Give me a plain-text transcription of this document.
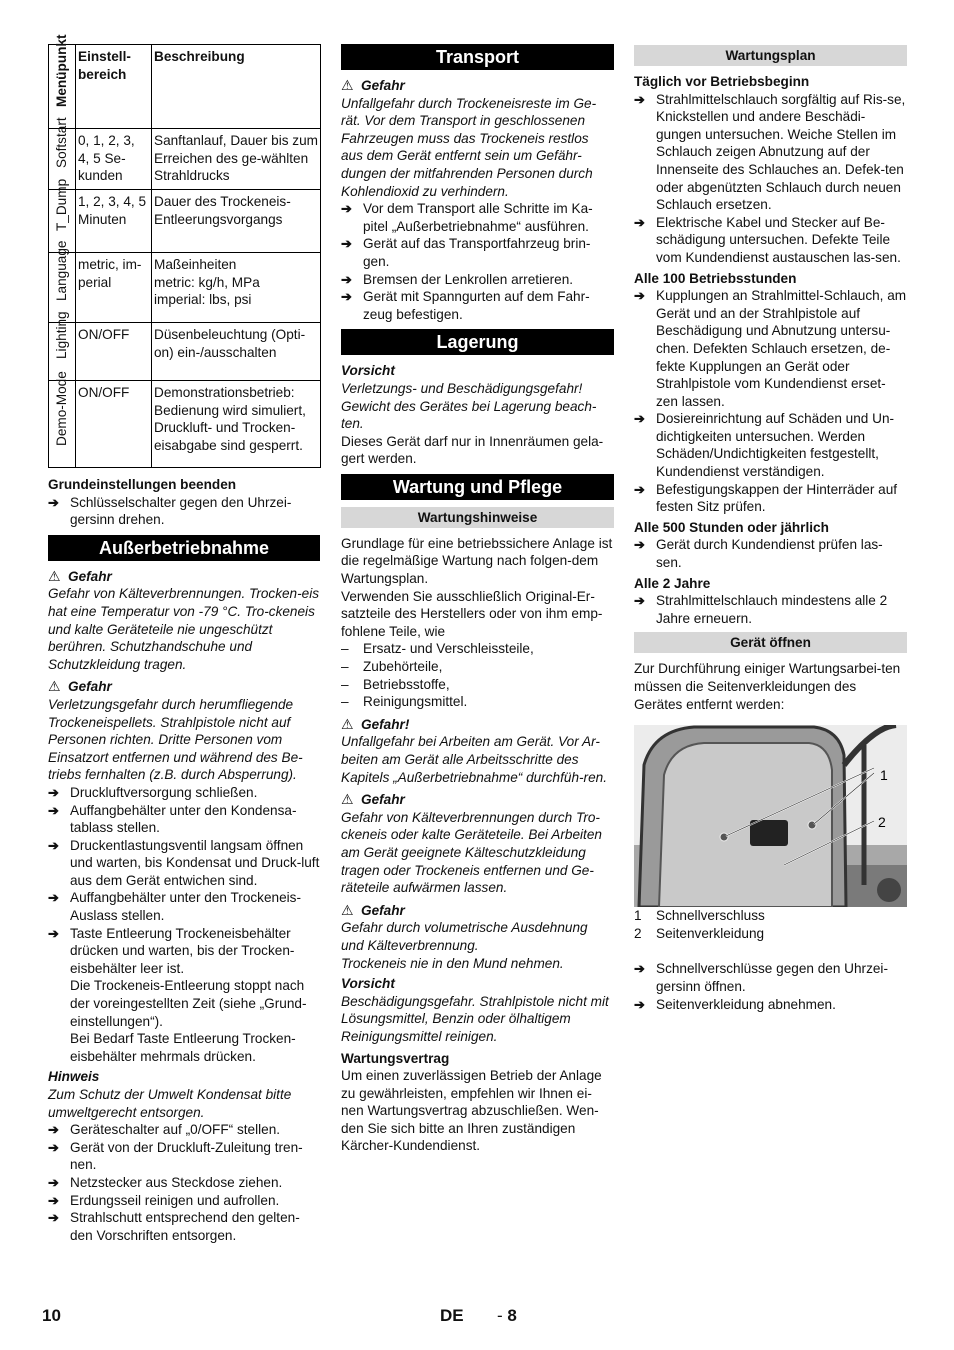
Menüpunkt	Einstell-bereich	Beschreibung

Softstart	0, 1, 2, 3, 4, 5 Se-kunden	Sanftanlauf, Dauer bis zum Erreichen des ge-wählten Strahldrucks

T_Dump	1, 2, 3, 4, 5 Minuten	Dauer des Trockeneis-Entleerungsvorgangs

Language	metric, im-perial	Maßeinheiten
metric: kg/h, MPa
imperial: lbs, psi

Lighting	ON/OFF	Düsenbeleuchtung (Opti-on) ein-/ausschalten

Demo-Mode	ON/OFF	Demonstrationsbetrieb: Bedienung wird simuliert, Druckluft- und Trocken-eisabgabe sind gesperrt.

Grundeinstellungen beenden

➔ Schlüsselschalter gegen den Uhrzei-gersinn drehen.

Außerbetriebnahme
⚠ Gefahr

Gefahr von Kälteverbrennungen. Trocken-eis hat eine Temperatur von -79 °C. Tro-ckeneis und kalte Geräteteile nie ungeschützt berühren. Schutzhandschuhe und Schutzkleidung tragen.

⚠ Gefahr

Verletzungsgefahr durch herumfliegende Trockeneispellets. Strahlpistole nicht auf Personen richten. Dritte Personen vom Einsatzort entfernen und während des Be-triebs fernhalten (z.B. durch Absperrung).

➔ Druckluftversorgung schließen.

➔ Auffangbehälter unter den Kondensa-tablass stellen.

➔ Druckentlastungsventil langsam öffnen und warten, bis Kondensat und Druck-luft aus dem Gerät entwichen sind.

➔ Auffangbehälter unter den Trockeneis-Auslass stellen.

➔ Taste Entleerung Trockeneisbehälter drücken und warten, bis der Trocken-eisbehälter leer ist.

Die Trockeneis-Entleerung stoppt nach der voreingestellten Zeit (siehe „Grund-einstellungen“).

Bei Bedarf Taste Entleerung Trocken-eisbehälter mehrmals drücken.

Hinweis

Zum Schutz der Umwelt Kondensat bitte umweltgerecht entsorgen.

➔ Geräteschalter auf „0/OFF“ stellen.

➔ Gerät von der Druckluft-Zuleitung tren-nen.

➔ Netzstecker aus Steckdose ziehen.

➔ Erdungsseil reinigen und aufrollen.

➔ Strahlschutt entsprechend den gelten-den Vorschriften entsorgen.

Transport
⚠ Gefahr

Unfallgefahr durch Trockeneisreste im Ge-rät. Vor dem Transport in geschlossenen Fahrzeugen muss das Trockeneis restlos aus dem Gerät entfernt sein um Gefähr-dungen der mitfahrenden Personen durch Kohlendioxid zu verhindern.

➔ Vor dem Transport alle Schritte im Ka-pitel „Außerbetriebnahme“ ausführen.

➔ Gerät auf das Transportfahrzeug brin-gen.

➔ Bremsen der Lenkrollen arretieren.

➔ Gerät mit Spanngurten auf dem Fahr-zeug befestigen.

Lagerung

Vorsicht

Verletzungs- und Beschädigungsgefahr! Gewicht des Gerätes bei Lagerung beach-ten.

Dieses Gerät darf nur in Innenräumen gela-gert werden.

Wartung und Pflege
Wartungshinweise

Grundlage für eine betriebssichere Anlage ist die regelmäßige Wartung nach folgen-dem Wartungsplan.

Verwenden Sie ausschließlich Original-Er-satzteile des Herstellers oder von ihm emp-fohlene Teile, wie

– Ersatz- und Verschleissteile,

– Zubehörteile,

– Betriebsstoffe,

– Reinigungsmittel.

⚠ Gefahr!

Unfallgefahr bei Arbeiten am Gerät. Vor Ar-beiten am Gerät alle Arbeitsschritte des Kapitels „Außerbetriebnahme“ durchfüh-ren.

⚠ Gefahr

Gefahr von Kälteverbrennungen durch Tro-ckeneis oder kalte Geräteteile. Bei Arbeiten am Gerät geeignete Kälteschutzkleidung tragen oder Trockeneis entfernen und Ge-räteteile aufwärmen lassen.

⚠ Gefahr

Gefahr durch volumetrische Ausdehnung und Kälteverbrennung.

Trockeneis nie in den Mund nehmen.

Vorsicht

Beschädigungsgefahr. Strahlpistole nicht mit Lösungsmittel, Benzin oder ölhaltigem Reinigungsmittel reinigen.

Wartungsvertrag

Um einen zuverlässigen Betrieb der Anlage zu gewährleisten, empfehlen wir Ihnen ei-nen Wartungsvertrag abzuschließen. Wen-den Sie sich bitte an Ihren zuständigen Kärcher-Kundendienst.

Wartungsplan

Täglich vor Betriebsbeginn

➔ Strahlmittelschlauch sorgfältig auf Ris-se, Knickstellen und andere Beschädi-gungen untersuchen. Weiche Stellen im Schlauch zeigen Abnutzung auf der Innenseite des Schlauches an. Defek-ten oder abgenützten Schlauch durch neuen Schlauch ersetzen.

➔ Elektrische Kabel und Stecker auf Be-schädigung untersuchen. Defekte Teile vom Kundendienst austauschen las-sen.

Alle 100 Betriebsstunden

➔ Kupplungen an Strahlmittel-Schlauch, am Gerät und an der Strahlpistole auf Beschädigung und Abnutzung untersu-chen. Defekten Schlauch ersetzen, de-fekte Kupplungen an Gerät oder Strahlpistole vom Kundendienst erset-zen lassen.

➔ Dosiereinrichtung auf Schäden und Un-dichtigkeiten untersuchen. Werden Schäden/Undichtigkeiten festgestellt, Kundendienst verständigen.

➔ Befestigungskappen der Hinterräder auf festen Sitz prüfen.

Alle 500 Stunden oder jährlich

➔ Gerät durch Kundendienst prüfen las-sen.

Alle 2 Jahre

➔ Strahlmittelschlauch mindestens alle 2 Jahre erneuern.

Gerät öffnen

Zur Durchführung einiger Wartungsarbei-ten müssen die Seitenverkleidungen des Gerätes entfernt werden:

1
2
1	Schnellverschluss
2	Seitenverkleidung

➔ Schnellverschlüsse gegen den Uhrzei-gersinn öffnen.

➔ Seitenverkleidung abnehmen.

10	DE - 8
